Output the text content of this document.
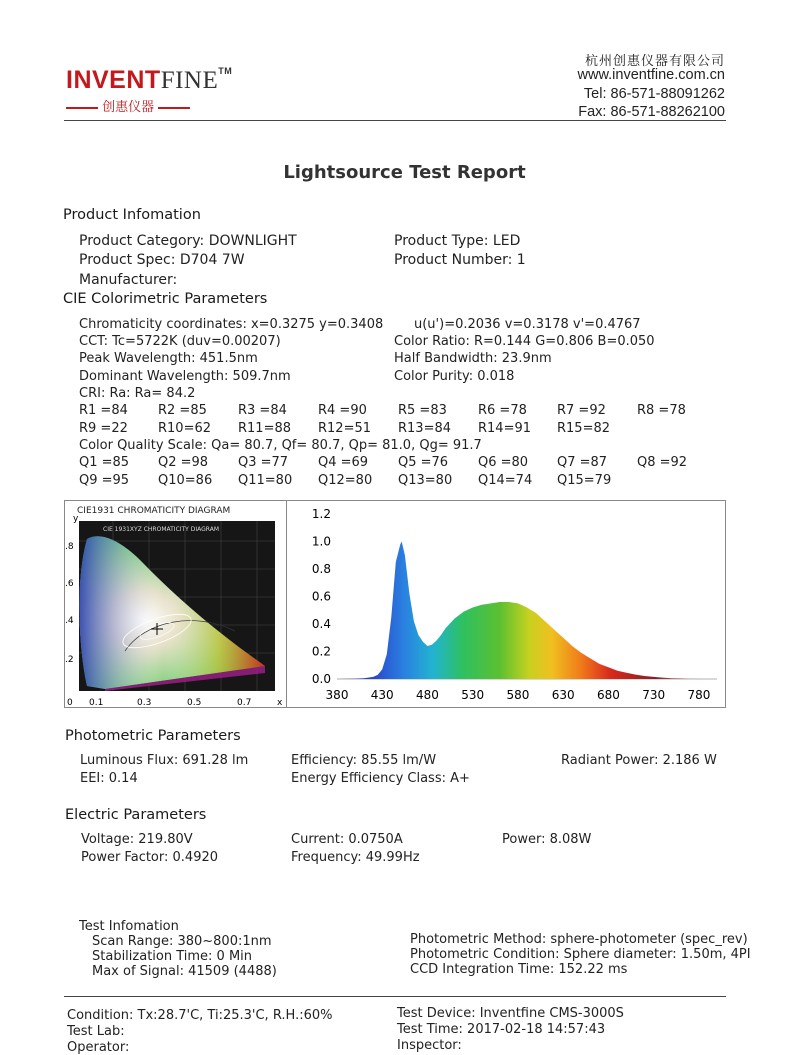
INVENTFINE™
创惠仪器
杭州创惠仪器有限公司
www.inventfine.com.cn
Tel: 86-571-88091262
Fax: 86-571-88262100
Lightsource Test Report
Product Infomation
Product Category: DOWNLIGHT	Product Type: LED
Product Spec: D704 7W	Product Number: 1
Manufacturer:
CIE Colorimetric Parameters
Chromaticity coordinates: x=0.3275 y=0.3408 u(u')=0.2036 v=0.3178 v'=0.4767
CCT: Tc=5722K (duv=0.00207)	Color Ratio: R=0.144 G=0.806 B=0.050
Peak Wavelength: 451.5nm	Half Bandwidth: 23.9nm
Dominant Wavelength: 509.7nm	Color Purity: 0.018
CRI: Ra: Ra= 84.2
R1 =84 R2 =85 R3 =84 R4 =90 R5 =83 R6 =78 R7 =92 R8 =78
R9 =22 R10=62 R11=88 R12=51 R13=84 R14=91 R15=82
Color Quality Scale: Qa= 80.7, Qf= 80.7, Qp= 81.0, Qg= 91.7
Q1 =85 Q2 =98 Q3 =77 Q4 =69 Q5 =76 Q6 =80 Q7 =87 Q8 =92
Q9 =95 Q10=86 Q11=80 Q12=80 Q13=80 Q14=74 Q15=79
y
CIE1931 CHROMATICITY DIAGRAM
CIE 1931XYZ CHROMATICITY DIAGRAM
.8
.6
.4
.2
0 0.1	0.3	0.5	0.7	x
0.0
0.2
0.4
0.6
0.8
1.0
1.2
380 430 480 530 580 630 680 730 780
Photometric Parameters
Luminous Flux: 691.28 lm	Efficiency: 85.55 lm/W	Radiant Power: 2.186 W
EEI: 0.14	Energy Efficiency Class: A+
Electric Parameters
Voltage: 219.80V	Current: 0.0750A	Power: 8.08W
Power Factor: 0.4920	Frequency: 49.99Hz
Test Infomation
Scan Range: 380~800:1nm
Stabilization Time: 0 Min
Max of Signal: 41509 (4488)
Photometric Method: sphere-photometer (spec_rev)
Photometric Condition: Sphere diameter: 1.50m, 4PI
CCD Integration Time: 152.22 ms
Condition: Tx:28.7'C, Ti:25.3'C, R.H.:60%	Test Device: Inventfine CMS-3000S
Test Lab:	Test Time: 2017-02-18 14:57:43
Operator:	Inspector:
